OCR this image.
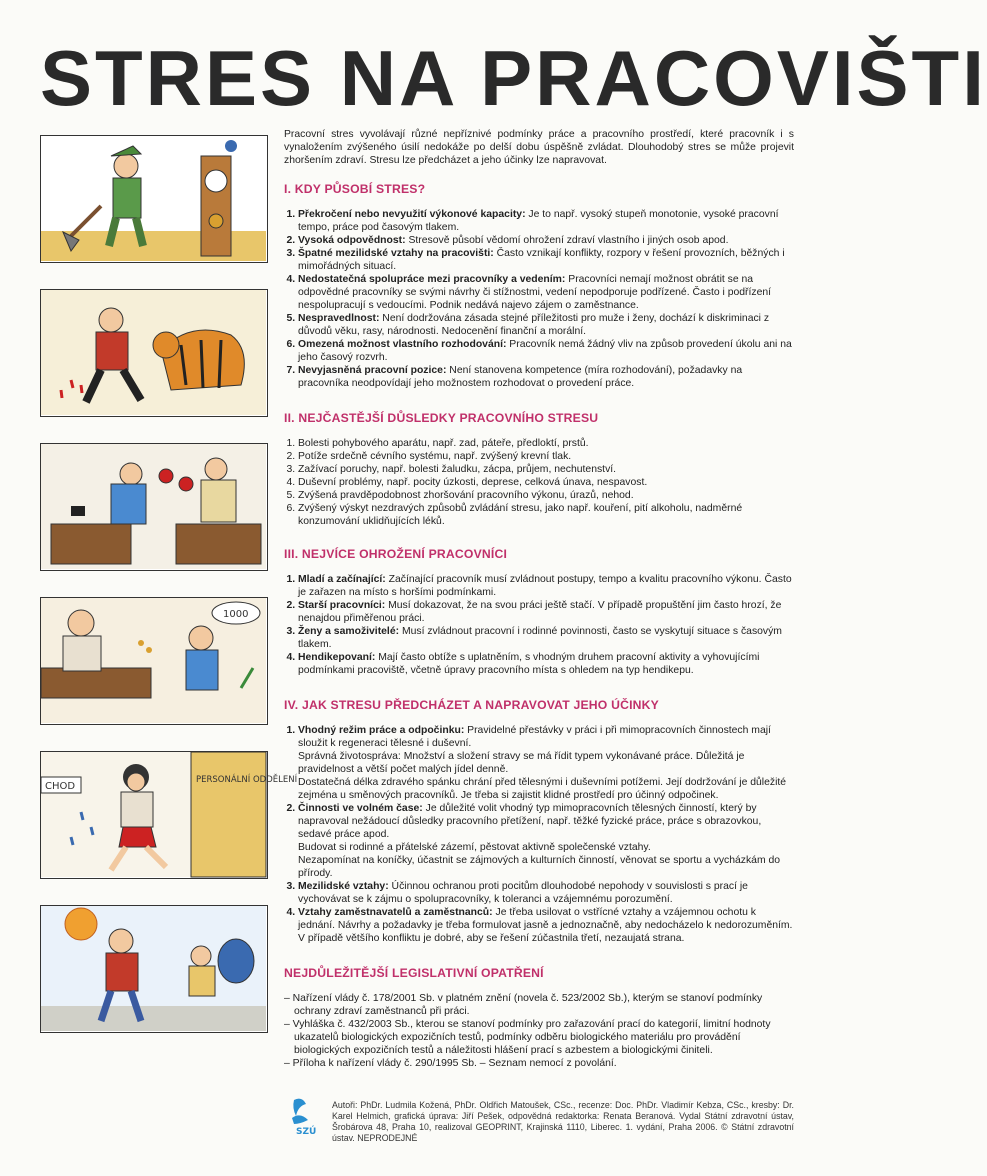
STRES NA PRACOVIŠTI
1000
CHOD
PERSONÁLNÍ ODDĚLENÍ

Pracovní stres vyvolávají různé nepříznivé podmínky práce a pracovního prostředí, které pracovník i s vynaložením zvýšeného úsilí nedokáže po delší dobu úspěšně zvládat. Dlouhodobý stres se může projevit zhoršením zdraví. Stresu lze předcházet a jeho účinky lze napravovat.

I. KDY PŮSOBÍ STRES?
1. Překročení nebo nevyužití výkonové kapacity: Je to např. vysoký stupeň monotonie, vysoké pracovní tempo, práce pod časovým tlakem.
2. Vysoká odpovědnost: Stresově působí vědomí ohrožení zdraví vlastního i jiných osob apod.
3. Špatné mezilidské vztahy na pracovišti: Často vznikají konflikty, rozpory v řešení provozních, běžných i mimořádných situací.
4. Nedostatečná spolupráce mezi pracovníky a vedením: Pracovníci nemají možnost obrátit se na odpovědné pracovníky se svými návrhy či stížnostmi, vedení nepodporuje podřízené. Často i podřízení nespolupracují s vedoucími. Podnik nedává najevo zájem o zaměstnance.
5. Nespravedlnost: Není dodržována zásada stejné příležitosti pro muže i ženy, dochází k diskriminaci z důvodů věku, rasy, národnosti. Nedocenění finanční a morální.
6. Omezená možnost vlastního rozhodování: Pracovník nemá žádný vliv na způsob provedení úkolu ani na jeho časový rozvrh.
7. Nevyjasněná pracovní pozice: Není stanovena kompetence (míra rozhodování), požadavky na pracovníka neodpovídají jeho možnostem rozhodovat o provedení práce.
II. NEJČASTĚJŠÍ DŮSLEDKY PRACOVNÍHO STRESU
1. Bolesti pohybového aparátu, např. zad, páteře, předloktí, prstů.
2. Potíže srdečně cévního systému, např. zvýšený krevní tlak.
3. Zažívací poruchy, např. bolesti žaludku, zácpa, průjem, nechutenství.
4. Duševní problémy, např. pocity úzkosti, deprese, celková únava, nespavost.
5. Zvýšená pravděpodobnost zhoršování pracovního výkonu, úrazů, nehod.
6. Zvýšený výskyt nezdravých způsobů zvládání stresu, jako např. kouření, pití alkoholu, nadměrné konzumování uklidňujících léků.
III. NEJVÍCE OHROŽENÍ PRACOVNÍCI
1. Mladí a začínající: Začínající pracovník musí zvládnout postupy, tempo a kvalitu pracovního výkonu. Často je zařazen na místo s horšími podmínkami.
2. Starší pracovníci: Musí dokazovat, že na svou práci ještě stačí. V případě propuštění jim často hrozí, že nenajdou přiměřenou práci.
3. Ženy a samoživitelé: Musí zvládnout pracovní i rodinné povinnosti, často se vyskytují situace s časovým tlakem.
4. Hendikepovaní: Mají často obtíže s uplatněním, s vhodným druhem pracovní aktivity a vyhovujícími podmínkami pracoviště, včetně úpravy pracovního místa s ohledem na typ hendikepu.
IV. JAK STRESU PŘEDCHÁZET A NAPRAVOVAT JEHO ÚČINKY
1. Vhodný režim práce a odpočinku: Pravidelné přestávky v práci i při mimopracovních činnostech mají sloužit k regeneraci tělesné i duševní.

Správná životospráva: Množství a složení stravy se má řídit typem vykonávané práce. Důležitá je pravidelnost a větší počet malých jídel denně.

Dostatečná délka zdravého spánku chrání před tělesnými i duševními potížemi. Její dodržování je důležité zejména u směnových pracovníků. Je třeba si zajistit klidné prostředí pro účinný odpočinek.

2. Činnosti ve volném čase: Je důležité volit vhodný typ mimopracovních tělesných činností, který by napravoval nežádoucí důsledky pracovního přetížení, např. těžké fyzické práce, práce s obrazovkou, sedavé práce apod.

Budovat si rodinné a přátelské zázemí, pěstovat aktivně společenské vztahy.

Nezapomínat na koníčky, účastnit se zájmových a kulturních činností, věnovat se sportu a vycházkám do přírody.

3. Mezilidské vztahy: Účinnou ochranou proti pocitům dlouhodobé nepohody v souvislosti s prací je vychovávat se k zájmu o spolupracovníky, k toleranci a vzájemnému porozumění.
4. Vztahy zaměstnavatelů a zaměstnanců: Je třeba usilovat o vstřícné vztahy a vzájemnou ochotu k jednání. Návrhy a požadavky je třeba formulovat jasně a jednoznačně, aby nedocházelo k nedorozuměním.

V případě většího konfliktu je dobré, aby se řešení zúčastnila třetí, nezaujatá strana.

NEJDŮLEŽITĚJŠÍ LEGISLATIVNÍ OPATŘENÍ
– Nařízení vlády č. 178/2001 Sb. v platném znění (novela č. 523/2002 Sb.), kterým se stanoví podmínky ochrany zdraví zaměstnanců při práci.
– Vyhláška č. 432/2003 Sb., kterou se stanoví podmínky pro zařazování prací do kategorií, limitní hodnoty ukazatelů biologických expozičních testů, podmínky odběru biologického materiálu pro provádění biologických expozičních testů a náležitosti hlášení prací s azbestem a biologickými činiteli.
– Příloha k nařízení vlády č. 290/1995 Sb. – Seznam nemocí z povolání.
SZÚ
Autoři: PhDr. Ludmila Kožená, PhDr. Oldřich Matoušek, CSc., recenze: Doc. PhDr. Vladimír Kebza, CSc., kresby: Dr. Karel Helmich, grafická úprava: Jiří Pešek, odpovědná redaktorka: Renata Beranová. Vydal Státní zdravotní ústav, Šrobárova 48, Praha 10, realizoval GEOPRINT, Krajinská 1110, Liberec. 1. vydání, Praha 2006. © Státní zdravotní ústav. NEPRODEJNÉ
